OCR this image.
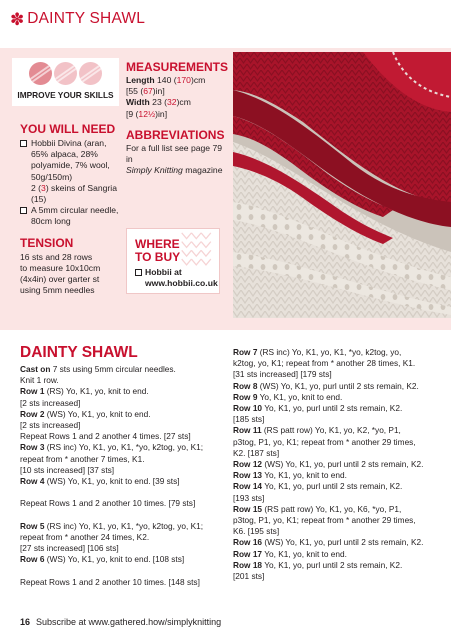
✽ DAINTY SHAWL
IMPROVE YOUR SKILLS
YOU WILL NEED
Hobbii Divina (aran,
65% alpaca, 28%
polyamide, 7% wool,
50g/150m)
2 (3) skeins of Sangria
(15)
A 5mm circular needle,
80cm long
TENSION
16 sts and 28 rows
to measure 10x10cm
(4x4in) over garter st
using 5mm needles
MEASUREMENTS
Length 140 (170)cm
[55 (67)in]
Width 23 (32)cm
[9 (12½)in]
ABBREVIATIONS
For a full list see page 79 in
Simply Knitting magazine
WHERE
TO BUY
Hobbii at
www.hobbii.co.uk
DAINTY SHAWL
Cast on 7 sts using 5mm circular needles.
Knit 1 row.
Row 1 (RS) Yo, K1, yo, knit to end.
[2 sts increased]
Row 2 (WS) Yo, K1, yo, knit to end.
[2 sts increased]
Repeat Rows 1 and 2 another 4 times. [27 sts]
Row 3 (RS inc) Yo, K1, yo, K1, *yo, k2tog, yo, K1;
repeat from * another 7 times, K1.
[10 sts increased] [37 sts]
Row 4 (WS) Yo, K1, yo, knit to end. [39 sts]
Repeat Rows 1 and 2 another 10 times. [79 sts]
Row 5 (RS inc) Yo, K1, yo, K1, *yo, k2tog, yo, K1;
repeat from * another 24 times, K2.
[27 sts increased] [106 sts]
Row 6 (WS) Yo, K1, yo, knit to end. [108 sts]
Repeat Rows 1 and 2 another 10 times. [148 sts]
Row 7 (RS inc) Yo, K1, yo, K1, *yo, k2tog, yo,
k2tog, yo, K1; repeat from * another 28 times, K1.
[31 sts increased] [179 sts]
Row 8 (WS) Yo, K1, yo, purl until 2 sts remain, K2.
Row 9 Yo, K1, yo, knit to end.
Row 10 Yo, K1, yo, purl until 2 sts remain, K2.
[185 sts]
Row 11 (RS patt row) Yo, K1, yo, K2, *yo, P1,
p3tog, P1, yo, K1; repeat from * another 29 times,
K2. [187 sts]
Row 12 (WS) Yo, K1, yo, purl until 2 sts remain, K2.
Row 13 Yo, K1, yo, knit to end.
Row 14 Yo, K1, yo, purl until 2 sts remain, K2.
[193 sts]
Row 15 (RS patt row) Yo, K1, yo, K6, *yo, P1,
p3tog, P1, yo, K1; repeat from * another 29 times,
K6. [195 sts]
Row 16 (WS) Yo, K1, yo, purl until 2 sts remain, K2.
Row 17 Yo, K1, yo, knit to end.
Row 18 Yo, K1, yo, purl until 2 sts remain, K2.
[201 sts]
16 Subscribe at www.gathered.how/simplyknitting
